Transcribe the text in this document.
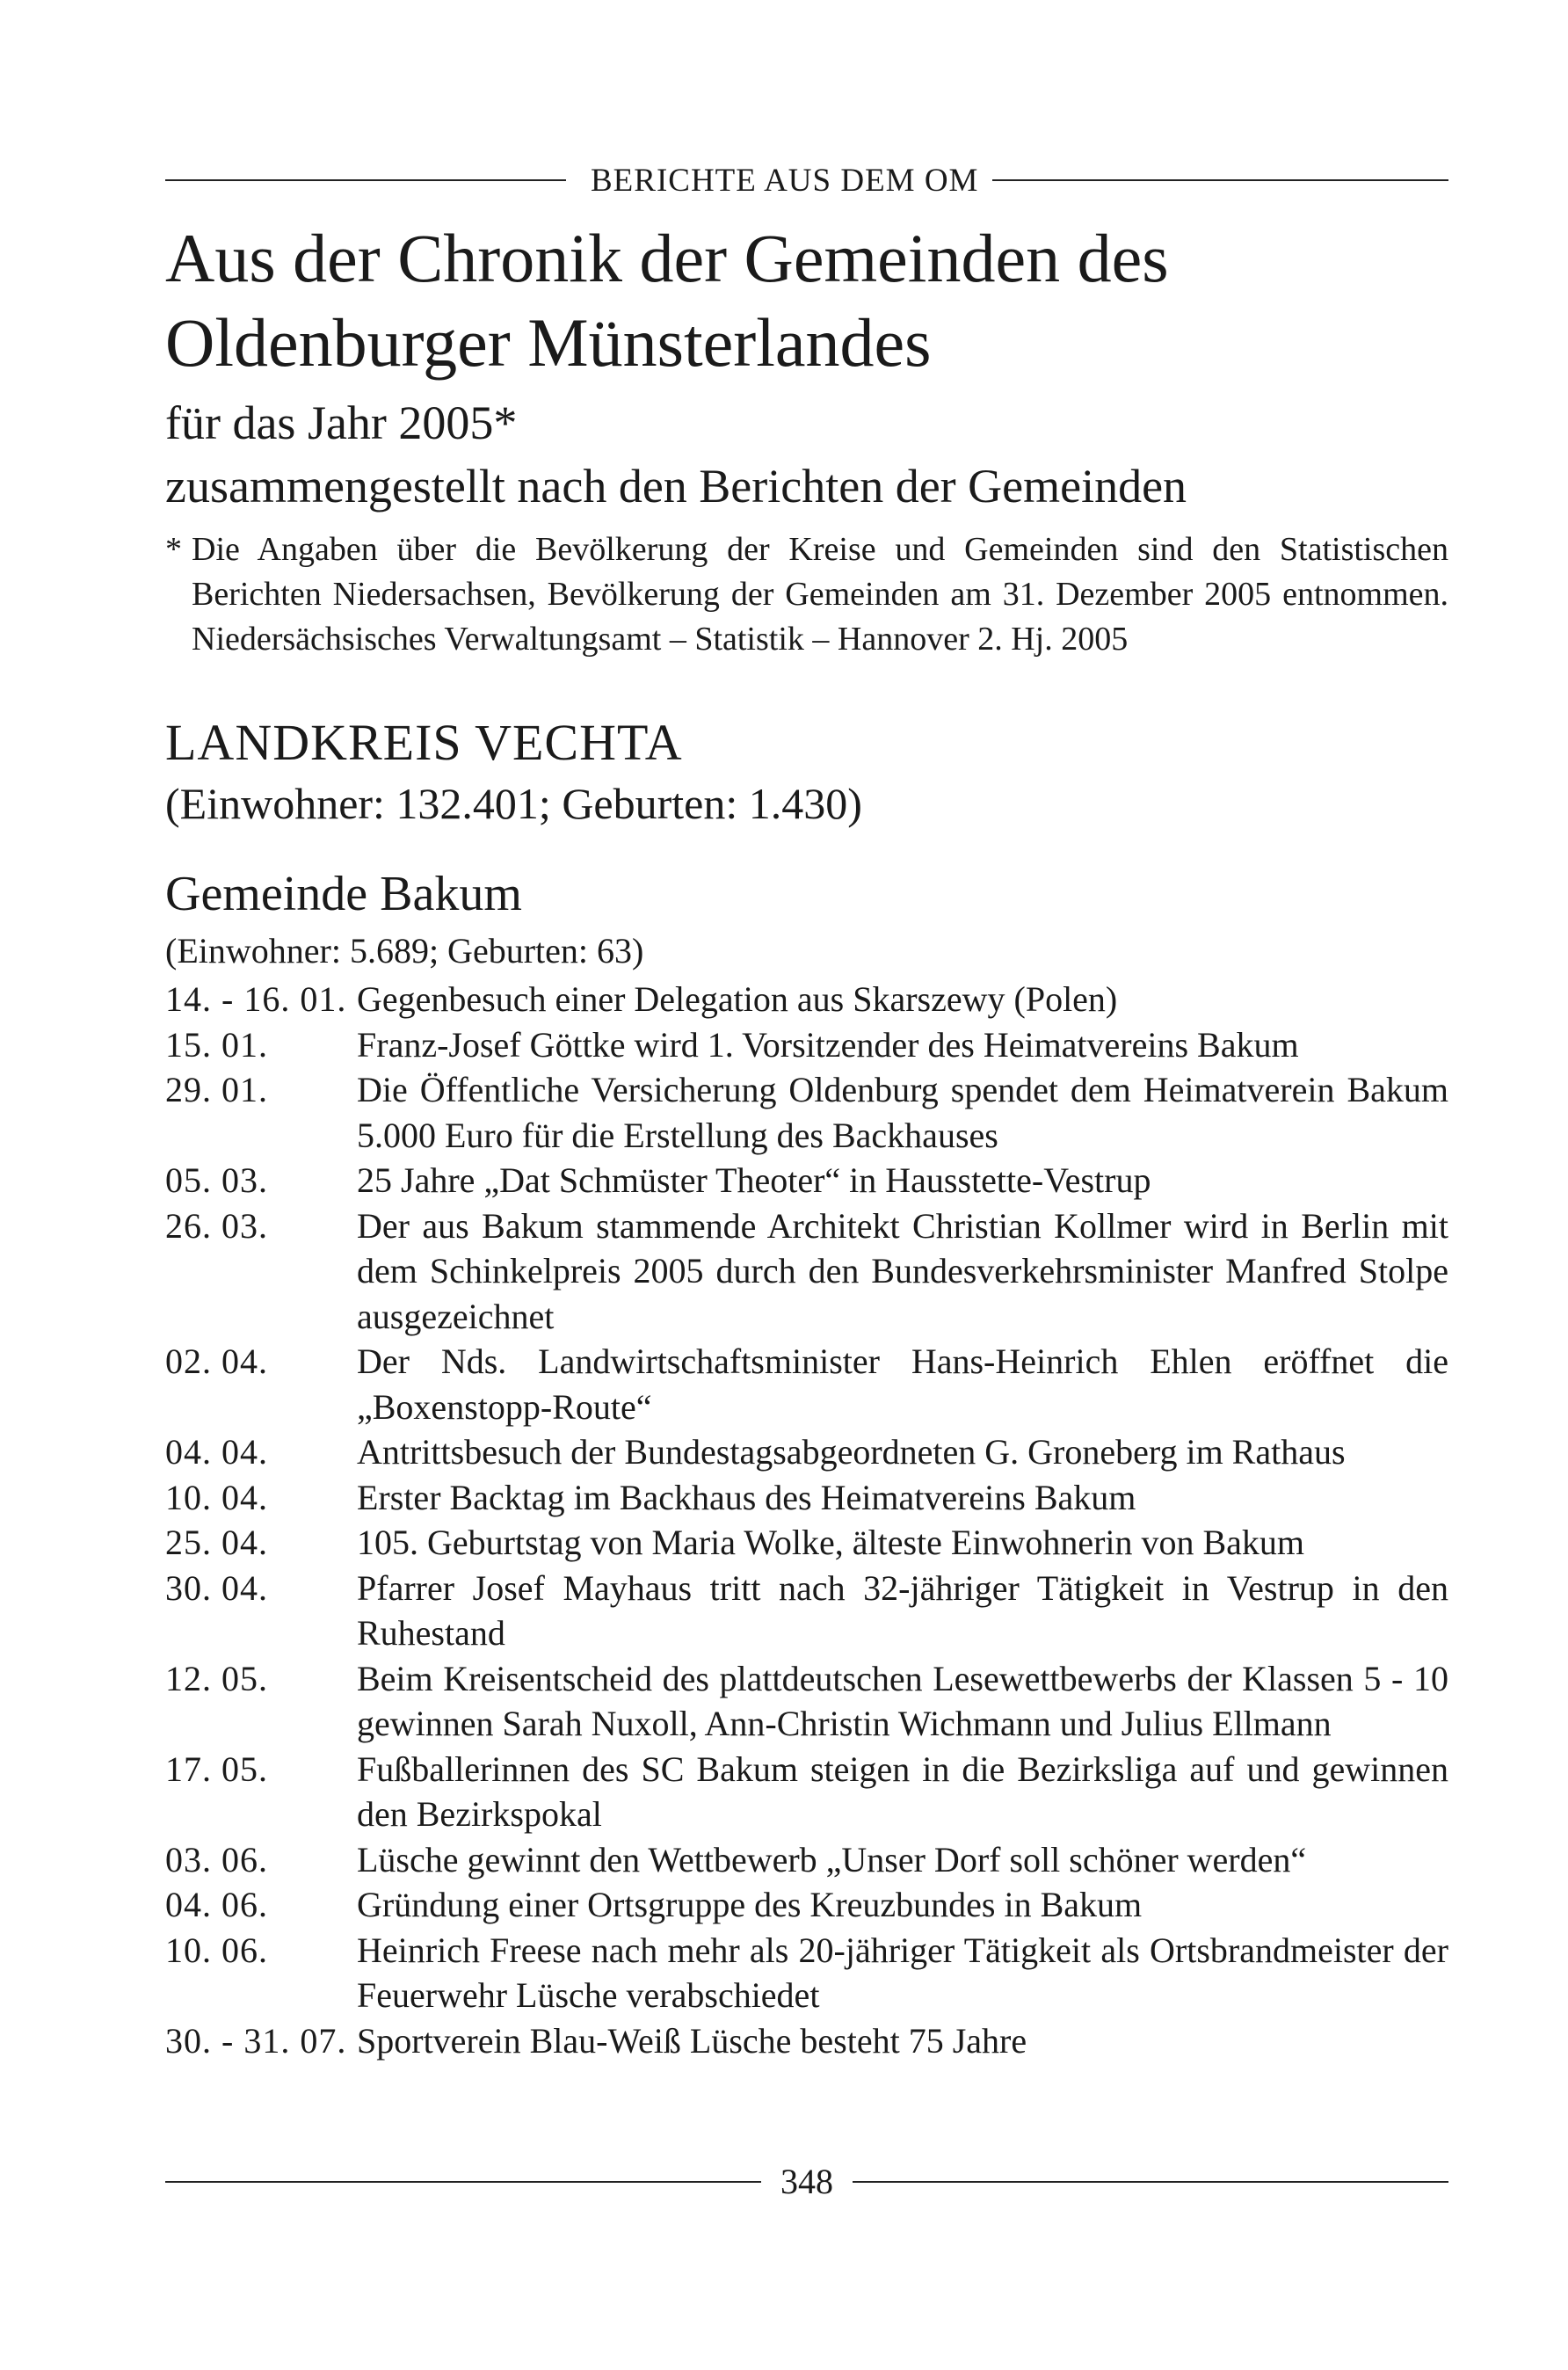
BERICHTE AUS DEM OM
Aus der Chronik der Gemeinden des
Oldenburger Münsterlandes
für das Jahr 2005*
zusammengestellt nach den Berichten der Gemeinden
* Die Angaben über die Bevölkerung der Kreise und Gemeinden sind den Statistischen Berichten Niedersachsen, Bevölkerung der Gemeinden am 31. Dezember 2005 entnommen. Niedersächsisches Verwaltungsamt – Statistik – Hannover 2. Hj. 2005
LANDKREIS VECHTA
(Einwohner: 132.401; Geburten: 1.430)
Gemeinde Bakum
(Einwohner: 5.689; Geburten: 63)
14. - 16. 01. Gegenbesuch einer Delegation aus Skarszewy (Polen)
15. 01.	Franz-Josef Göttke wird 1. Vorsitzender des Heimatvereins Bakum
29. 01.	Die Öffentliche Versicherung Oldenburg spendet dem Heimatverein Bakum 5.000 Euro für die Erstellung des Backhauses
05. 03.	25 Jahre „Dat Schmüster Theoter“ in Hausstette-Vestrup
26. 03.	Der aus Bakum stammende Architekt Christian Kollmer wird in Berlin mit dem Schinkelpreis 2005 durch den Bundesverkehrsminister Manfred Stolpe ausgezeichnet
02. 04.	Der Nds. Landwirtschaftsminister Hans-Heinrich Ehlen eröffnet die „Boxenstopp-Route“
04. 04.	Antrittsbesuch der Bundestagsabgeordneten G. Groneberg im Rathaus
10. 04.	Erster Backtag im Backhaus des Heimatvereins Bakum
25. 04.	105. Geburtstag von Maria Wolke, älteste Einwohnerin von Bakum
30. 04.	Pfarrer Josef Mayhaus tritt nach 32-jähriger Tätigkeit in Vestrup in den Ruhestand
12. 05.	Beim Kreisentscheid des plattdeutschen Lesewettbewerbs der Klassen 5 - 10 gewinnen Sarah Nuxoll, Ann-Christin Wichmann und Julius Ellmann
17. 05.	Fußballerinnen des SC Bakum steigen in die Bezirksliga auf und gewinnen den Bezirkspokal
03. 06.	Lüsche gewinnt den Wettbewerb „Unser Dorf soll schöner werden“
04. 06.	Gründung einer Ortsgruppe des Kreuzbundes in Bakum
10. 06.	Heinrich Freese nach mehr als 20-jähriger Tätigkeit als Ortsbrandmeister der Feuerwehr Lüsche verabschiedet
30. - 31. 07. Sportverein Blau-Weiß Lüsche besteht 75 Jahre
348
